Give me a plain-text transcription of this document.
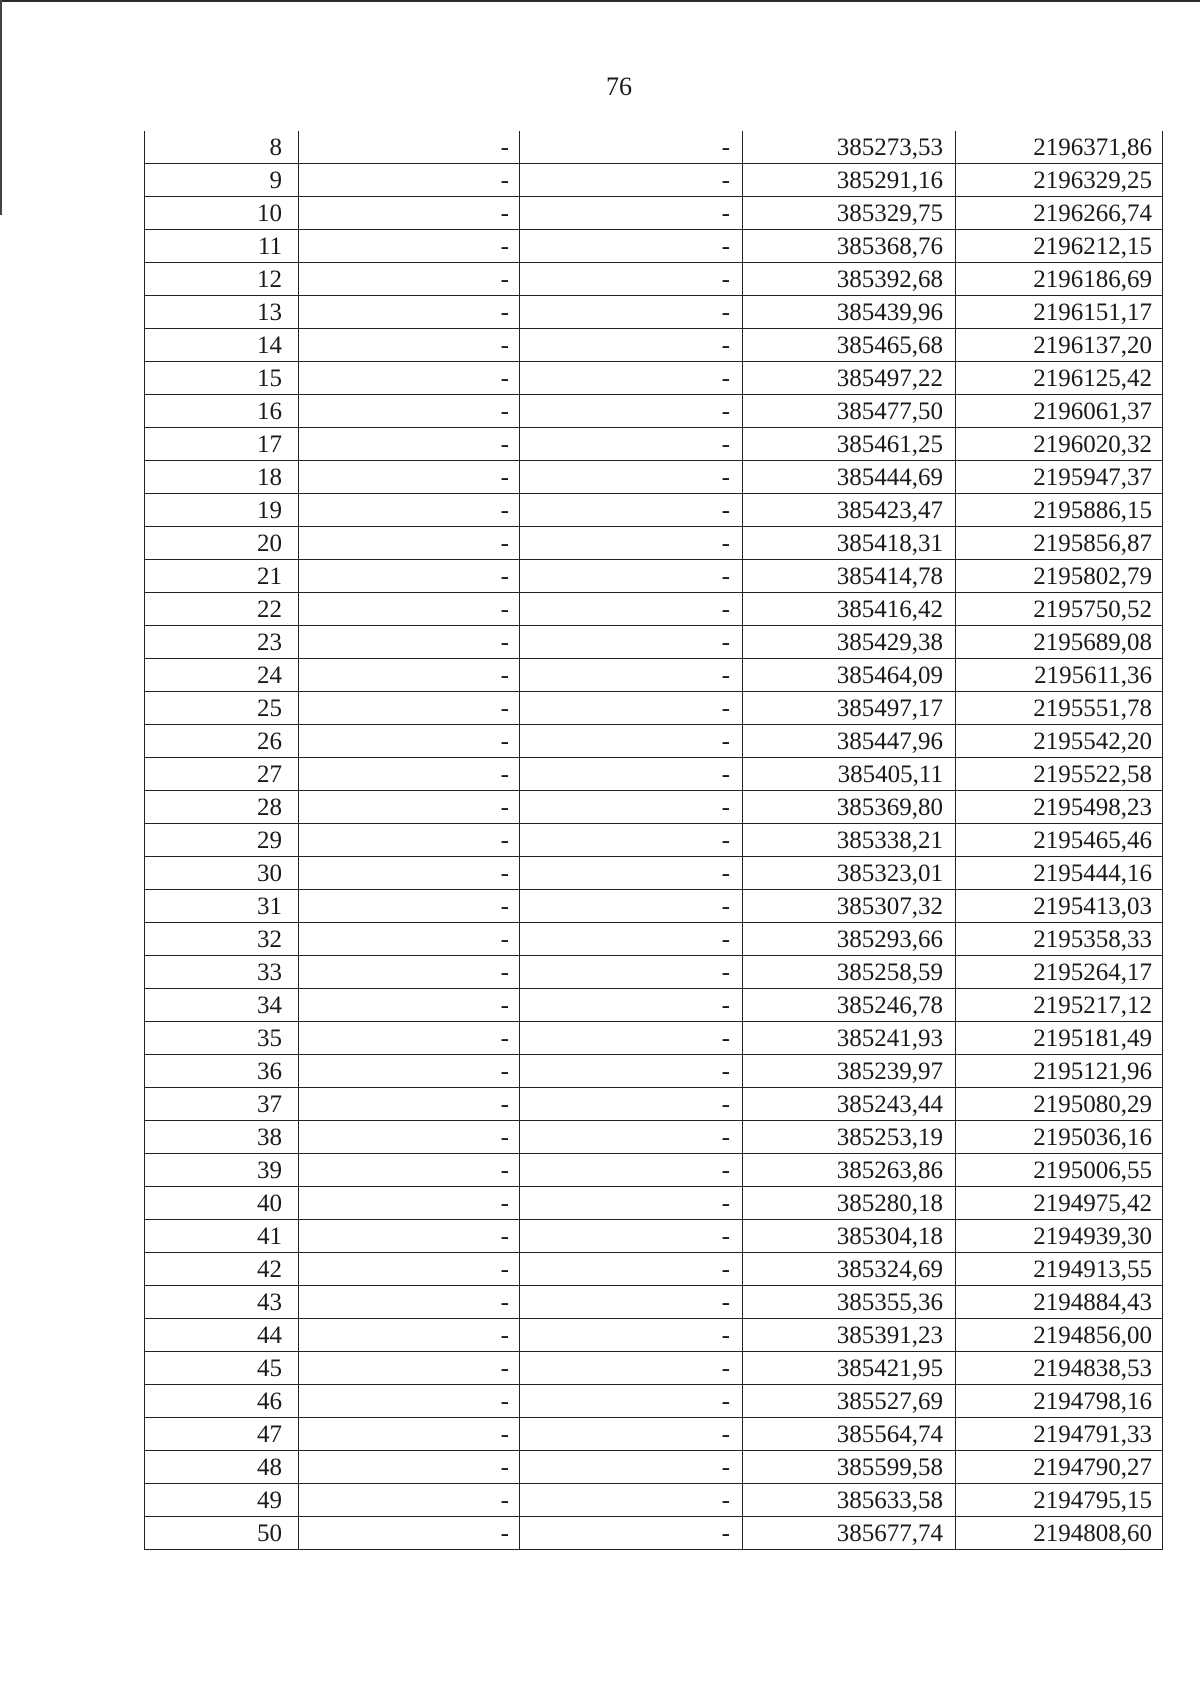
76
8	-	-	385273,53	2196371,86
9	-	-	385291,16	2196329,25
10	-	-	385329,75	2196266,74
11	-	-	385368,76	2196212,15
12	-	-	385392,68	2196186,69
13	-	-	385439,96	2196151,17
14	-	-	385465,68	2196137,20
15	-	-	385497,22	2196125,42
16	-	-	385477,50	2196061,37
17	-	-	385461,25	2196020,32
18	-	-	385444,69	2195947,37
19	-	-	385423,47	2195886,15
20	-	-	385418,31	2195856,87
21	-	-	385414,78	2195802,79
22	-	-	385416,42	2195750,52
23	-	-	385429,38	2195689,08
24	-	-	385464,09	2195611,36
25	-	-	385497,17	2195551,78
26	-	-	385447,96	2195542,20
27	-	-	385405,11	2195522,58
28	-	-	385369,80	2195498,23
29	-	-	385338,21	2195465,46
30	-	-	385323,01	2195444,16
31	-	-	385307,32	2195413,03
32	-	-	385293,66	2195358,33
33	-	-	385258,59	2195264,17
34	-	-	385246,78	2195217,12
35	-	-	385241,93	2195181,49
36	-	-	385239,97	2195121,96
37	-	-	385243,44	2195080,29
38	-	-	385253,19	2195036,16
39	-	-	385263,86	2195006,55
40	-	-	385280,18	2194975,42
41	-	-	385304,18	2194939,30
42	-	-	385324,69	2194913,55
43	-	-	385355,36	2194884,43
44	-	-	385391,23	2194856,00
45	-	-	385421,95	2194838,53
46	-	-	385527,69	2194798,16
47	-	-	385564,74	2194791,33
48	-	-	385599,58	2194790,27
49	-	-	385633,58	2194795,15
50	-	-	385677,74	2194808,60
